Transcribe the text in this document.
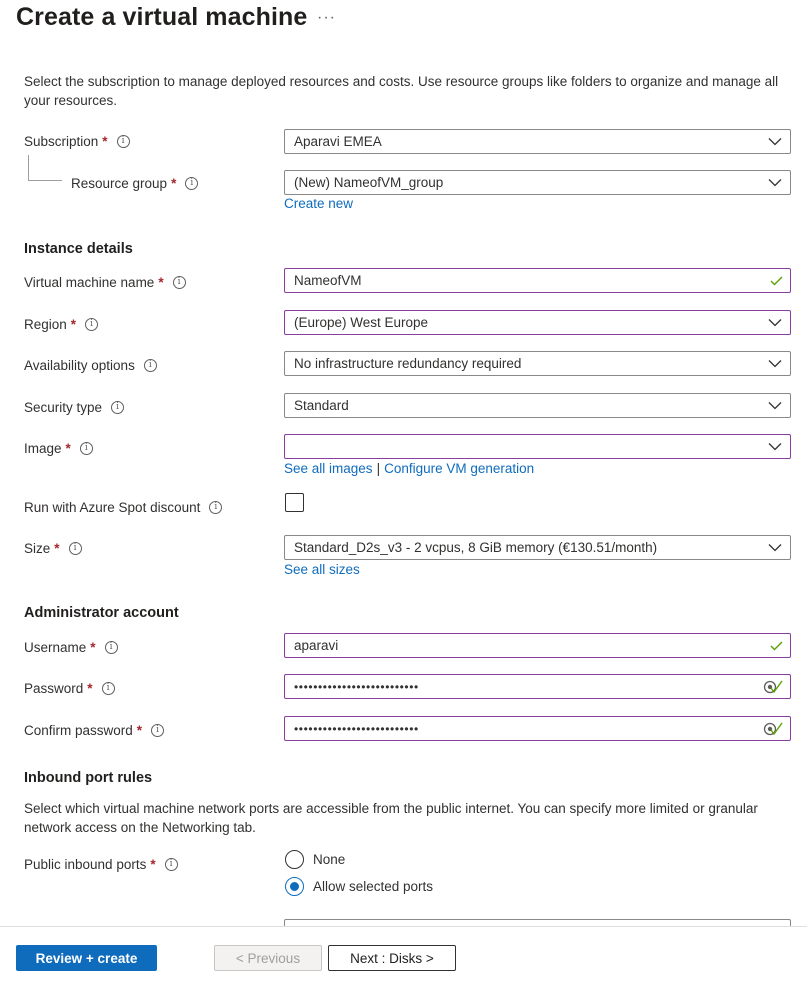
Create a virtual machine ···
Select the subscription to manage deployed resources and costs. Use resource groups like folders to organize and manage all your resources.
Subscription *	i	Aparavi EMEA
Resource group *	i	(New) NameofVM_group
Create new
Instance details
Virtual machine name *	i	NameofVM
Region *	i	(Europe) West Europe
Availability options	i	No infrastructure redundancy required
Security type	i	Standard
Image *	i
See all images | Configure VM generation
Run with Azure Spot discount	i
Size *	i	Standard_D2s_v3 - 2 vcpus, 8 GiB memory (€130.51/month)
See all sizes
Administrator account
Username *	i	aparavi
Password *	i	••••••••••••••••••••••••••
Confirm password *	i	••••••••••••••••••••••••••
Inbound port rules
Select which virtual machine network ports are accessible from the public internet. You can specify more limited or granular network access on the Networking tab.
Public inbound ports *	i	None
Allow selected ports
Review + create	< Previous	Next : Disks >
